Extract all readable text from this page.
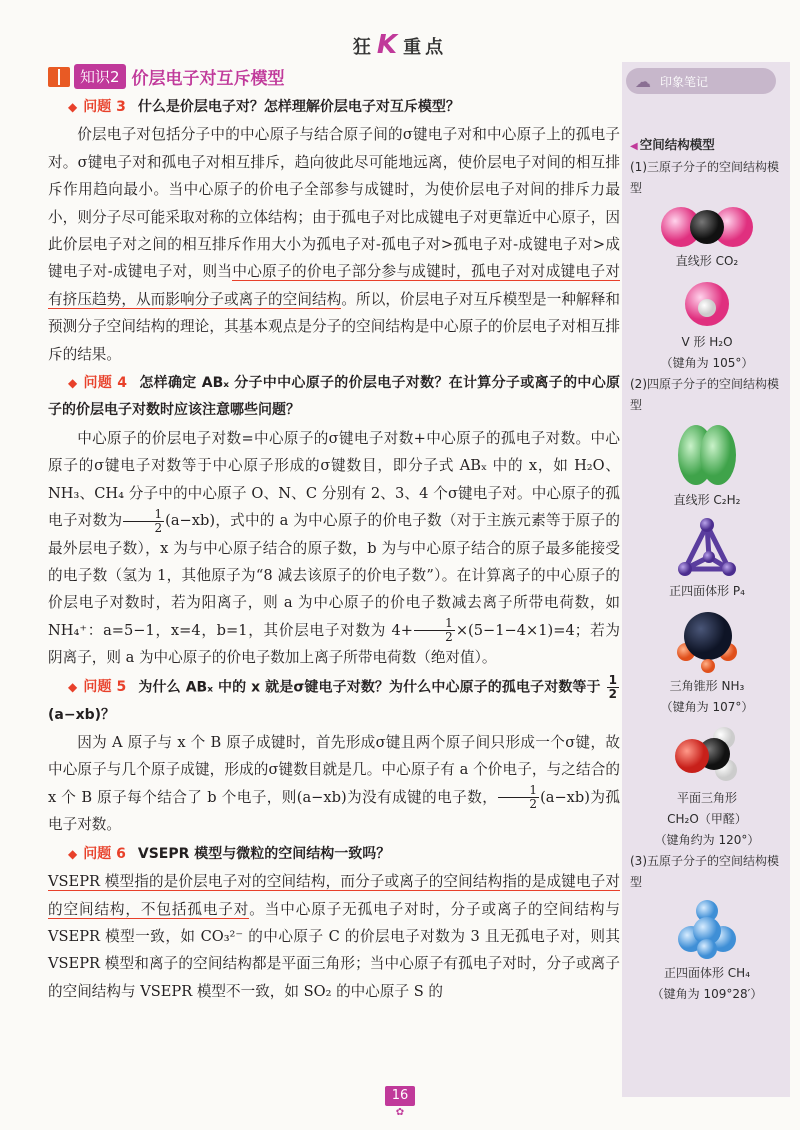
狂K 重点
知识2 价层电子对互斥模型

◆ 问题 3 什么是价层电子对？怎样理解价层电子对互斥模型？

价层电子对包括分子中的中心原子与结合原子间的σ键电子对和中心原子上的孤电子对。σ键电子对和孤电子对相互排斥，趋向彼此尽可能地远离，使价层电子对间的相互排斥作用趋向最小。当中心原子的价电子全部参与成键时，为使价层电子对间的排斥力最小，则分子尽可能采取对称的立体结构；由于孤电子对比成键电子对更靠近中心原子，因此价层电子对之间的相互排斥作用大小为孤电子对-孤电子对>孤电子对-成键电子对>成键电子对-成键电子对，则当中心原子的价电子部分参与成键时，孤电子对对成键电子对有挤压趋势，从而影响分子或离子的空间结构。所以，价层电子对互斥模型是一种解释和预测分子空间结构的理论，其基本观点是分子的空间结构是中心原子的价层电子对相互排斥的结果。

◆ 问题 4 怎样确定 ABₓ 分子中中心原子的价层电子对数？在计算分子或离子的中心原子的价层电子对数时应该注意哪些问题？

中心原子的价层电子对数=中心原子的σ键电子对数+中心原子的孤电子对数。中心原子的σ键电子对数等于中心原子形成的σ键数目，即分子式 ABₓ 中的 x，如 H₂O、NH₃、CH₄ 分子中的中心原子 O、N、C 分别有 2、3、4 个σ键电子对。中心原子的孤电子对数为 $\frac{1}{2} (a-xb)$，式中的 a 为中心原子的价电子数（对于主族元素等于原子的最外层电子数），x 为与中心原子结合的原子数，b 为与中心原子结合的原子最多能接受的电子数（氢为 1，其他原子为“8 减去该原子的价电子数”）。在计算离子的中心原子的价层电子对数时，若为阳离子，则 a 为中心原子的价电子数减去离子所带电荷数，如 NH₄⁺：a=5−1，x=4，b=1，其价层电子对数为 $4+ \frac{1}{2} \times(5-1-4\times 1)=4$；若为阴离子，则 a 为中心原子的价电子数加上离子所带电荷数（绝对值）。

◆ 问题 5 为什么 ABₓ 中的 x 就是σ键电子对数？为什么中心原子的孤电子对数等于 $\frac{1}{2}$
(a−xb)？

因为 A 原子与 x 个 B 原子成键时，首先形成σ键且两个原子间只形成一个σ键，故中心原子与几个原子成键，形成的σ键数目就是几。中心原子有 a 个价电子，与之结合的 x 个 B 原子每个结合了 b 个电子，则(a−xb)为没有成键的电子数， $\frac{1}{2} (a-xb)$为孤电子对数。

◆ 问题 6 VSEPR 模型与微粒的空间结构一致吗？

VSEPR 模型指的是价层电子对的空间结构，而分子或离子的空间结构指的是成键电子对的空间结构，不包括孤电子对。当中心原子无孤电子对时，分子或离子的空间结构与 VSEPR 模型一致，如 CO₃²⁻ 的中心原子 C 的价层电子对数为 3 且无孤电子对，则其 VSEPR 模型和离子的空间结构都是平面三角形；当中心原子有孤电子对时，分子或离子的空间结构与 VSEPR 模型不一致，如 SO₂ 的中心原子 S 的

☁ 印象笔记
◀ 空间结构模型
(1)三原子分子的空间结构模型
直线形 CO₂
V 形 H₂O
（键角为 105°）
(2)四原子分子的空间结构模型
直线形 C₂H₂
正四面体形 P₄
三角锥形 NH₃
（键角为 107°）
平面三角形
CH₂O（甲醛）
（键角约为 120°）
(3)五原子分子的空间结构模型
正四面体形 CH₄
（键角为 109°28′）
16
✿
